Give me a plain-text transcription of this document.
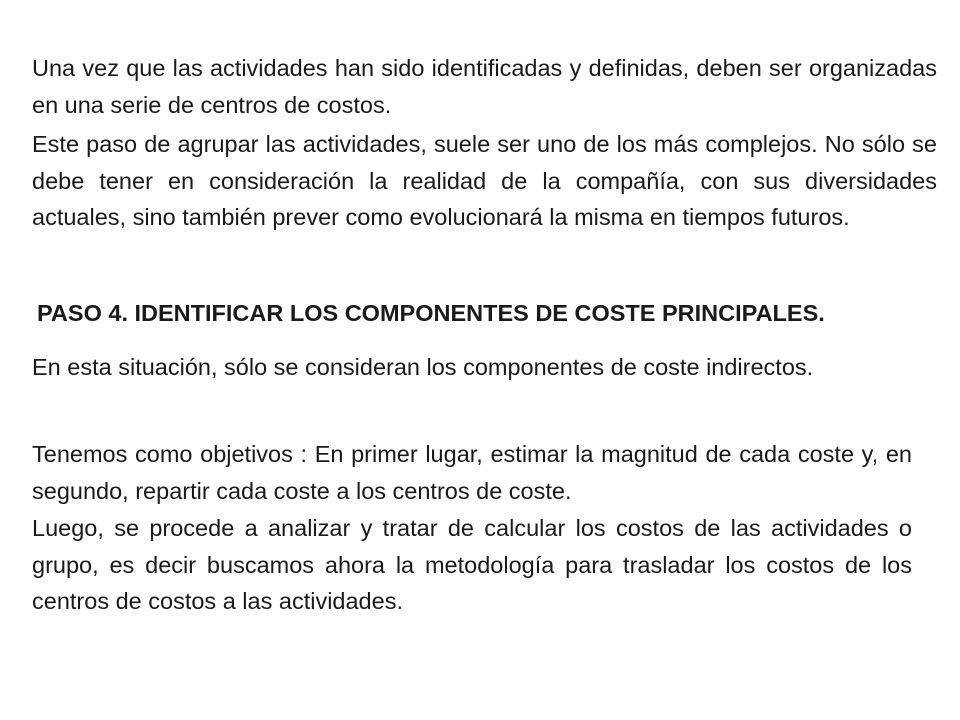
Una vez que las actividades han sido identificadas y definidas, deben ser organizadas en una serie de centros de costos.

Este paso de agrupar las actividades, suele ser uno de los más complejos. No sólo se debe tener en consideración la realidad de la compañía, con sus diversidades actuales, sino también prever como evolucionará la misma en tiempos futuros.

PASO 4. IDENTIFICAR LOS COMPONENTES DE COSTE PRINCIPALES.

En esta situación, sólo se consideran los componentes de coste indirectos.

Tenemos como objetivos : En primer lugar, estimar la magnitud de cada coste y, en segundo, repartir cada coste a los centros de coste.

Luego, se procede a analizar y tratar de calcular los costos de las actividades o grupo, es decir buscamos ahora la metodología para trasladar los costos de los centros de costos a las actividades.
